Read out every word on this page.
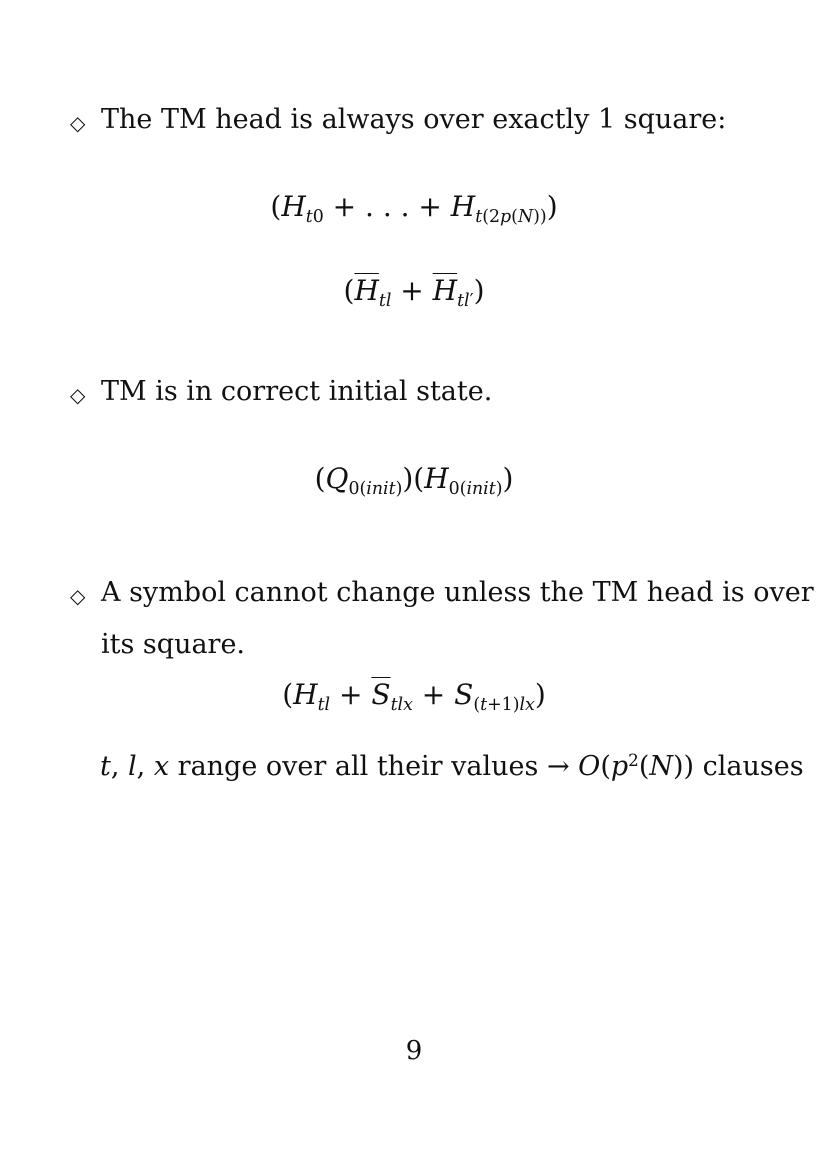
◇ The TM head is always over exactly 1 square:
($H_{t0}$ + . . . + $H_{t(2p(N))}$)
$(\overline{H}_{tl} + \overline{H}_{tl'})$
◇ TM is in correct initial state.
$(Q_{0(init)})(H_{0(init)})$
◇ A symbol cannot change unless the TM head is over
its square.
$(H_{tl} + \overline{S}_{tlx} + S_{(t+1)lx})$
t, l, x range over all their values → $O(p^2(N))$ clauses
9
